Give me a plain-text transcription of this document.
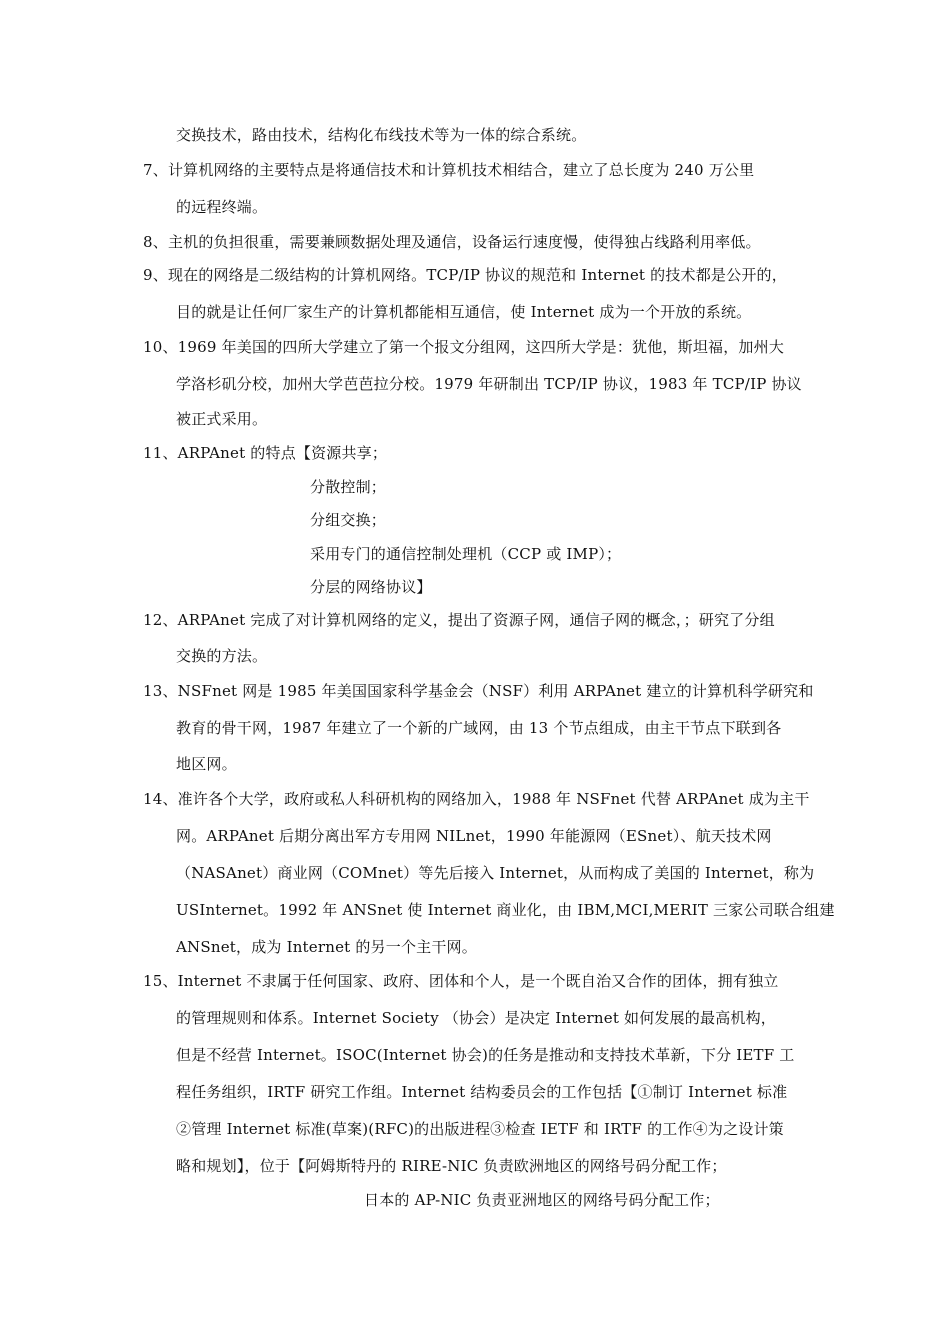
交换技术，路由技术，结构化布线技术等为一体的综合系统。
7、计算机网络的主要特点是将通信技术和计算机技术相结合，建立了总长度为 240 万公里
的远程终端。
8、主机的负担很重，需要兼顾数据处理及通信，设备运行速度慢，使得独占线路利用率低。
9、现在的网络是二级结构的计算机网络。TCP/IP 协议的规范和 Internet 的技术都是公开的，
目的就是让任何厂家生产的计算机都能相互通信，使 Internet 成为一个开放的系统。
10、1969 年美国的四所大学建立了第一个报文分组网，这四所大学是：犹他，斯坦福，加州大
学洛杉矶分校，加州大学芭芭拉分校。1979 年研制出 TCP/IP 协议，1983 年 TCP/IP 协议
被正式采用。
11、ARPAnet 的特点【资源共享；
分散控制；
分组交换；
采用专门的通信控制处理机（CCP 或 IMP）；
分层的网络协议】
12、ARPAnet 完成了对计算机网络的定义，提出了资源子网，通信子网的概念，；研究了分组
交换的方法。
13、NSFnet 网是 1985 年美国国家科学基金会（NSF）利用 ARPAnet 建立的计算机科学研究和
教育的骨干网，1987 年建立了一个新的广域网，由 13 个节点组成，由主干节点下联到各
地区网。
14、准许各个大学，政府或私人科研机构的网络加入，1988 年 NSFnet 代替 ARPAnet 成为主干
网。ARPAnet 后期分离出军方专用网 NILnet，1990 年能源网（ESnet）、航天技术网
（NASAnet）商业网（COMnet）等先后接入 Internet，从而构成了美国的 Internet，称为
USInternet。1992 年 ANSnet 使 Internet 商业化，由 IBM,MCI,MERIT 三家公司联合组建
ANSnet，成为 Internet 的另一个主干网。
15、Internet 不隶属于任何国家、政府、团体和个人，是一个既自治又合作的团体，拥有独立
的管理规则和体系。Internet Society （协会）是决定 Internet 如何发展的最高机构，
但是不经营 Internet。ISOC(Internet 协会)的任务是推动和支持技术革新，下分 IETF 工
程任务组织，IRTF 研究工作组。Internet 结构委员会的工作包括【①制订 Internet 标准
②管理 Internet 标准(草案)(RFC)的出版进程③检查 IETF 和 IRTF 的工作④为之设计策
略和规划】，位于【阿姆斯特丹的 RIRE-NIC 负责欧洲地区的网络号码分配工作；
日本的 AP-NIC 负责亚洲地区的网络号码分配工作；
